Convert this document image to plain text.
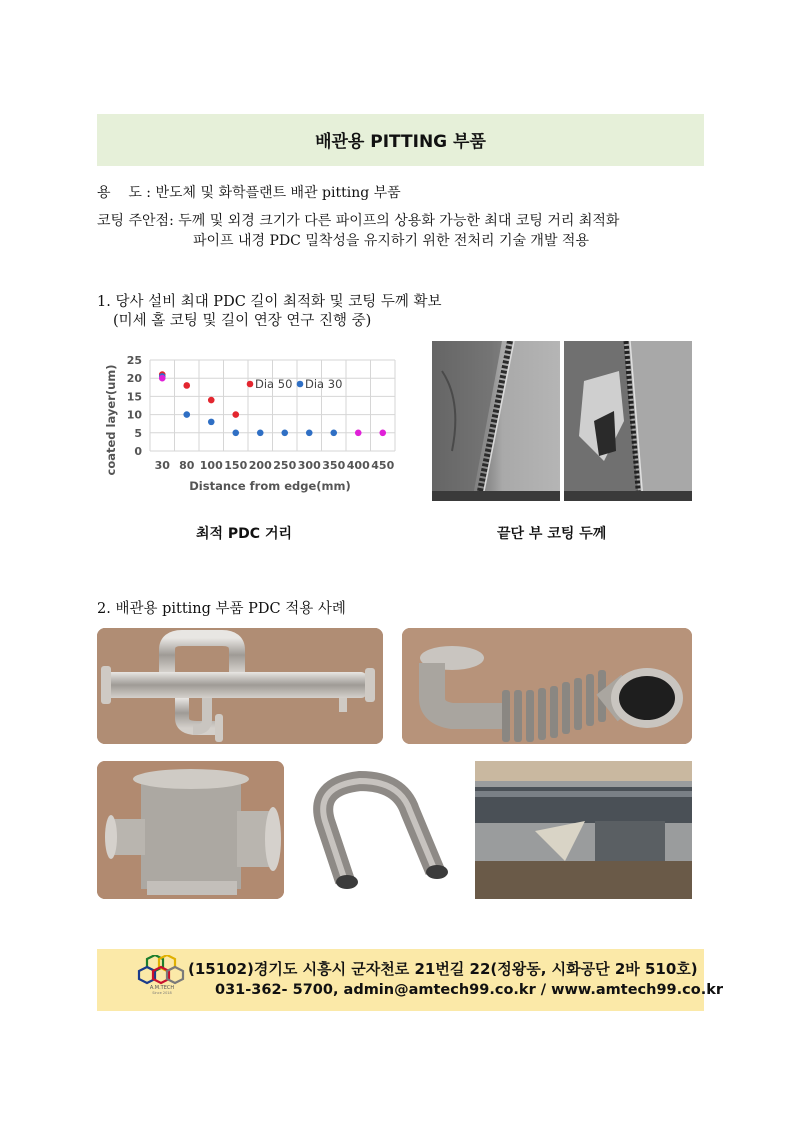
배관용 PITTING 부품
용    도 : 반도체 및 화학플랜트 배관 pitting 부품
코팅 주안점: 두께 및 외경 크기가 다른 파이프의 상용화 가능한 최대 코팅 거리 최적화
파이프 내경 PDC 밀착성을 유지하기 위한 전처리 기술 개발 적용
1. 당사 설비 최대 PDC 길이 최적화 및 코팅 두께 확보
(미세 홀 코팅 및 길이 연장 연구 진행 중)
0
5
10
15
20
25
30 80 100 150 200 250 300 350 400 450
Dia 50 Dia 30
coated layer(um)
Distance from edge(mm)
최적 PDC 거리	끝단 부 코팅 두께
2. 배관용 pitting 부품 PDC 적용 사례
A.M.TECH
Since 2018
(15102)경기도 시흥시 군자천로 21번길 22(정왕동, 시화공단 2바 510호)
031-362- 5700, admin@amtech99.co.kr / www.amtech99.co.kr
